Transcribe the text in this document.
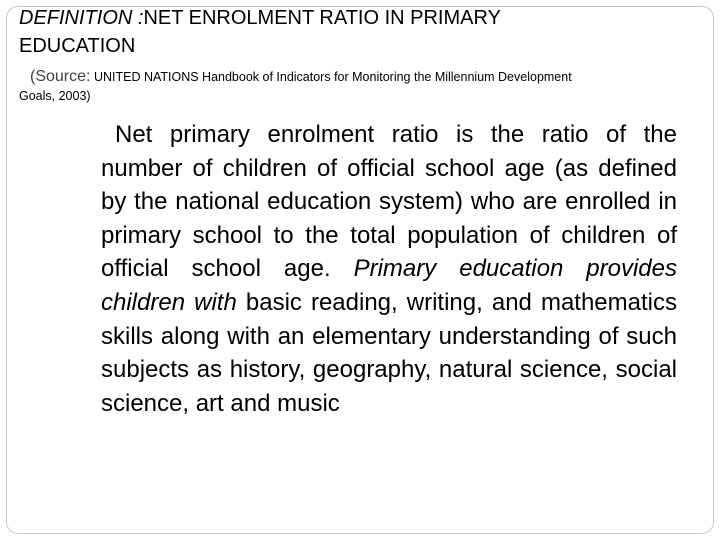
DEFINITION :NET ENROLMENT RATIO IN PRIMARY
EDUCATION
(Source: UNITED NATIONS Handbook of Indicators for Monitoring the Millennium Development
Goals, 2003)

Net primary enrolment ratio is the ratio of the number of children of official school age (as defined by the national education system) who are enrolled in primary school to the total population of children of official school age. Primary education provides children with basic reading, writing, and mathematics skills along with an elementary understanding of such subjects as history, geography, natural science, social science, art and music
